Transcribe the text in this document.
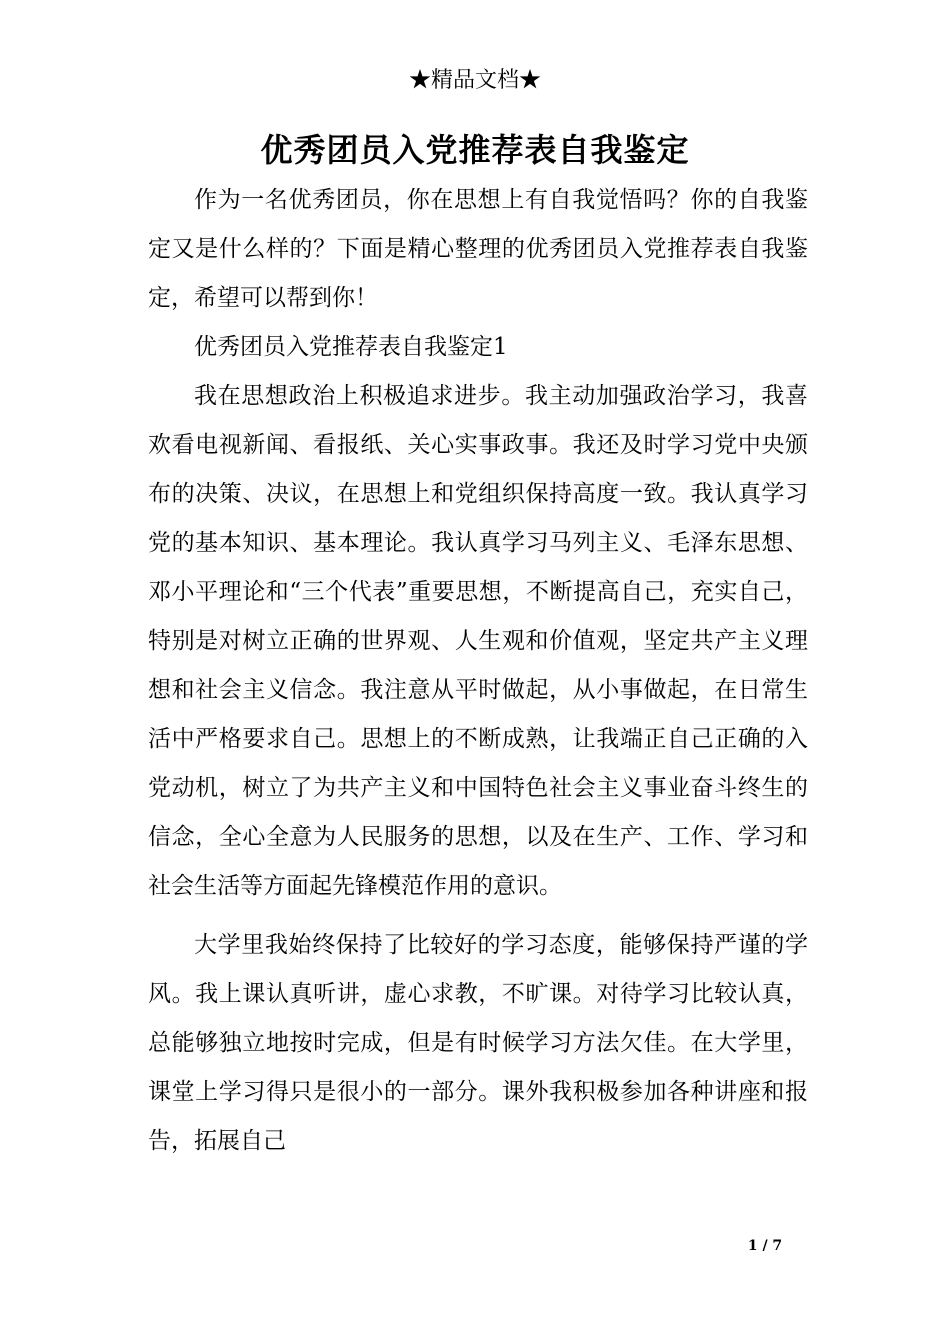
★精品文档★
优秀团员入党推荐表自我鉴定

作为一名优秀团员，你在思想上有自我觉悟吗？你的自我鉴定又是什么样的？下面是精心整理的优秀团员入党推荐表自我鉴定，希望可以帮到你！

优秀团员入党推荐表自我鉴定1

我在思想政治上积极追求进步。我主动加强政治学习，我喜欢看电视新闻、看报纸、关心实事政事。我还及时学习党中央颁布的决策、决议，在思想上和党组织保持高度一致。我认真学习党的基本知识、基本理论。我认真学习马列主义、毛泽东思想、邓小平理论和“三个代表”重要思想，不断提高自己，充实自己，特别是对树立正确的世界观、人生观和价值观，坚定共产主义理想和社会主义信念。我注意从平时做起，从小事做起，在日常生活中严格要求自己。思想上的不断成熟，让我端正自己正确的入党动机，树立了为共产主义和中国特色社会主义事业奋斗终生的信念，全心全意为人民服务的思想，以及在生产、工作、学习和社会生活等方面起先锋模范作用的意识。

大学里我始终保持了比较好的学习态度，能够保持严谨的学风。我上课认真听讲，虚心求教，不旷课。对待学习比较认真，总能够独立地按时完成，但是有时候学习方法欠佳。在大学里，课堂上学习得只是很小的一部分。课外我积极参加各种讲座和报告，拓展自己

1 / 7
